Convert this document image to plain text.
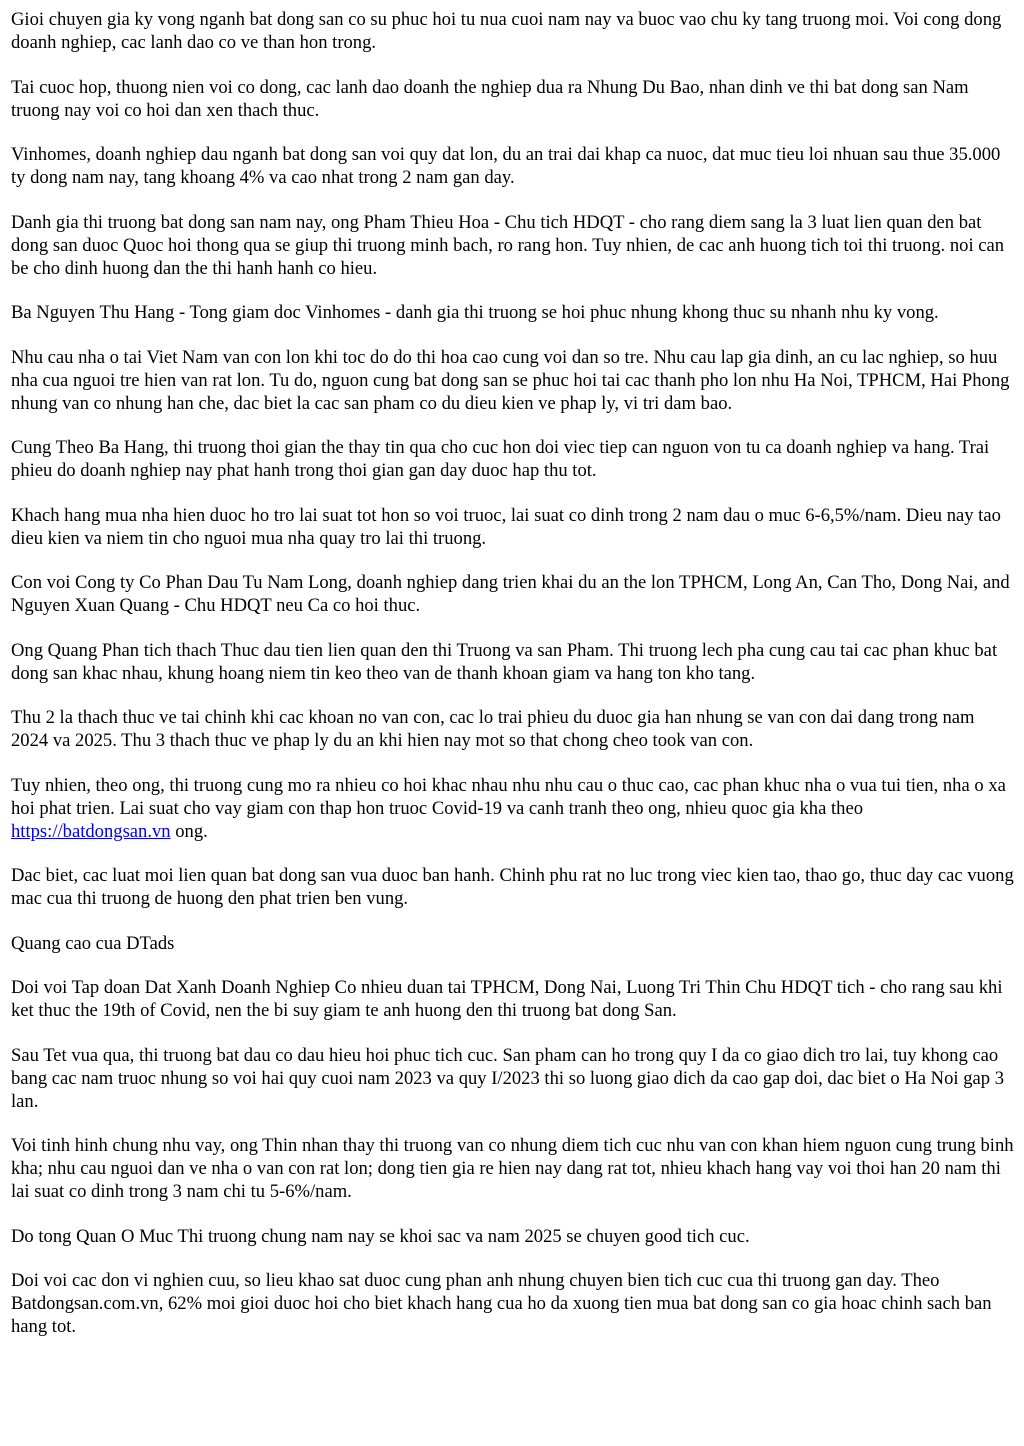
Gioi chuyen gia ky vong nganh bat dong san co su phuc hoi tu nua cuoi nam nay va buoc vao chu ky tang truong moi. Voi cong dong doanh nghiep, cac lanh dao co ve than hon trong.

Tai cuoc hop, thuong nien voi co dong, cac lanh dao doanh the nghiep dua ra Nhung Du Bao, nhan dinh ve thi bat dong san Nam truong nay voi co hoi dan xen thach thuc.

Vinhomes, doanh nghiep dau nganh bat dong san voi quy dat lon, du an trai dai khap ca nuoc, dat muc tieu loi nhuan sau thue 35.000 ty dong nam nay, tang khoang 4% va cao nhat trong 2 nam gan day.

Danh gia thi truong bat dong san nam nay, ong Pham Thieu Hoa - Chu tich HDQT - cho rang diem sang la 3 luat lien quan den bat dong san duoc Quoc hoi thong qua se giup thi truong minh bach, ro rang hon. Tuy nhien, de cac anh huong tich toi thi truong. noi can be cho dinh huong dan the thi hanh hanh co hieu.

Ba Nguyen Thu Hang - Tong giam doc Vinhomes - danh gia thi truong se hoi phuc nhung khong thuc su nhanh nhu ky vong.

Nhu cau nha o tai Viet Nam van con lon khi toc do do thi hoa cao cung voi dan so tre. Nhu cau lap gia dinh, an cu lac nghiep, so huu nha cua nguoi tre hien van rat lon. Tu do, nguon cung bat dong san se phuc hoi tai cac thanh pho lon nhu Ha Noi, TPHCM, Hai Phong nhung van co nhung han che, dac biet la cac san pham co du dieu kien ve phap ly, vi tri dam bao.

Cung Theo Ba Hang, thi truong thoi gian the thay tin qua cho cuc hon doi viec tiep can nguon von tu ca doanh nghiep va hang. Trai phieu do doanh nghiep nay phat hanh trong thoi gian gan day duoc hap thu tot.

Khach hang mua nha hien duoc ho tro lai suat tot hon so voi truoc, lai suat co dinh trong 2 nam dau o muc 6-6,5%/nam. Dieu nay tao dieu kien va niem tin cho nguoi mua nha quay tro lai thi truong.

Con voi Cong ty Co Phan Dau Tu Nam Long, doanh nghiep dang trien khai du an the lon TPHCM, Long An, Can Tho, Dong Nai, and Nguyen Xuan Quang - Chu HDQT neu Ca co hoi thuc.

Ong Quang Phan tich thach Thuc dau tien lien quan den thi Truong va san Pham. Thi truong lech pha cung cau tai cac phan khuc bat dong san khac nhau, khung hoang niem tin keo theo van de thanh khoan giam va hang ton kho tang.

Thu 2 la thach thuc ve tai chinh khi cac khoan no van con, cac lo trai phieu du duoc gia han nhung se van con dai dang trong nam 2024 va 2025. Thu 3 thach thuc ve phap ly du an khi hien nay mot so that chong cheo took van con.

Tuy nhien, theo ong, thi truong cung mo ra nhieu co hoi khac nhau nhu nhu cau o thuc cao, cac phan khuc nha o vua tui tien, nha o xa hoi phat trien. Lai suat cho vay giam con thap hon truoc Covid-19 va canh tranh theo ong, nhieu quoc gia kha theo https://batdongsan.vn ong.

Dac biet, cac luat moi lien quan bat dong san vua duoc ban hanh. Chinh phu rat no luc trong viec kien tao, thao go, thuc day cac vuong mac cua thi truong de huong den phat trien ben vung.

Quang cao cua DTads

Doi voi Tap doan Dat Xanh Doanh Nghiep Co nhieu duan tai TPHCM, Dong Nai, Luong Tri Thin Chu HDQT tich - cho rang sau khi ket thuc the 19th of Covid, nen the bi suy giam te anh huong den thi truong bat dong San.

Sau Tet vua qua, thi truong bat dau co dau hieu hoi phuc tich cuc. San pham can ho trong quy I da co giao dich tro lai, tuy khong cao bang cac nam truoc nhung so voi hai quy cuoi nam 2023 va quy I/2023 thi so luong giao dich da cao gap doi, dac biet o Ha Noi gap 3 lan.

Voi tinh hinh chung nhu vay, ong Thin nhan thay thi truong van co nhung diem tich cuc nhu van con khan hiem nguon cung trung binh kha; nhu cau nguoi dan ve nha o van con rat lon; dong tien gia re hien nay dang rat tot, nhieu khach hang vay voi thoi han 20 nam thi lai suat co dinh trong 3 nam chi tu 5-6%/nam.

Do tong Quan O Muc Thi truong chung nam nay se khoi sac va nam 2025 se chuyen good tich cuc.

Doi voi cac don vi nghien cuu, so lieu khao sat duoc cung phan anh nhung chuyen bien tich cuc cua thi truong gan day. Theo Batdongsan.com.vn, 62% moi gioi duoc hoi cho biet khach hang cua ho da xuong tien mua bat dong san co gia hoac chinh sach ban hang tot.
